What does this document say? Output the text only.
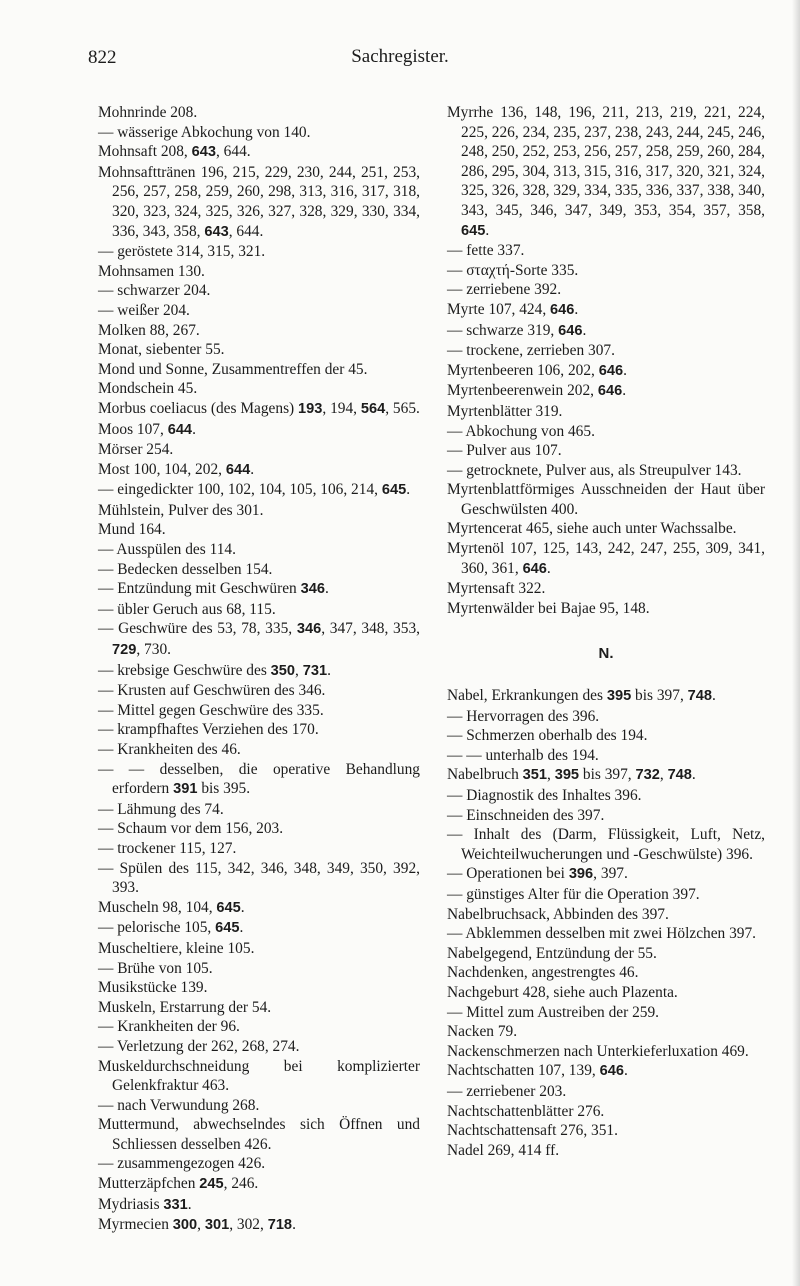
822	Sachregister.

Mohnrinde 208.

— wässerige Abkochung von 140.

Mohnsaft 208, 643, 644.

Mohnsafttränen 196, 215, 229, 230, 244, 251, 253, 256, 257, 258, 259, 260, 298, 313, 316, 317, 318, 320, 323, 324, 325, 326, 327, 328, 329, 330, 334, 336, 343, 358, 643, 644.

— geröstete 314, 315, 321.

Mohnsamen 130.

— schwarzer 204.

— weißer 204.

Molken 88, 267.

Monat, siebenter 55.

Mond und Sonne, Zusammentreffen der 45.

Mondschein 45.

Morbus coeliacus (des Magens) 193, 194, 564, 565.

Moos 107, 644.

Mörser 254.

Most 100, 104, 202, 644.

— eingedickter 100, 102, 104, 105, 106, 214, 645.

Mühlstein, Pulver des 301.

Mund 164.

— Ausspülen des 114.

— Bedecken desselben 154.

— Entzündung mit Geschwüren 346.

— übler Geruch aus 68, 115.

— Geschwüre des 53, 78, 335, 346, 347, 348, 353, 729, 730.

— krebsige Geschwüre des 350, 731.

— Krusten auf Geschwüren des 346.

— Mittel gegen Geschwüre des 335.

— krampfhaftes Verziehen des 170.

— Krankheiten des 46.

— — desselben, die operative Behandlung erfordern 391 bis 395.

— Lähmung des 74.

— Schaum vor dem 156, 203.

— trockener 115, 127.

— Spülen des 115, 342, 346, 348, 349, 350, 392, 393.

Muscheln 98, 104, 645.

— pelorische 105, 645.

Muscheltiere, kleine 105.

— Brühe von 105.

Musikstücke 139.

Muskeln, Erstarrung der 54.

— Krankheiten der 96.

— Verletzung der 262, 268, 274.

Muskeldurchschneidung bei komplizierter Gelenkfraktur 463.

— nach Verwundung 268.

Muttermund, abwechselndes sich Öffnen und Schliessen desselben 426.

— zusammengezogen 426.

Mutterzäpfchen 245, 246.

Mydriasis 331.

Myrmecien 300, 301, 302, 718.

Myrrhe 136, 148, 196, 211, 213, 219, 221, 224, 225, 226, 234, 235, 237, 238, 243, 244, 245, 246, 248, 250, 252, 253, 256, 257, 258, 259, 260, 284, 286, 295, 304, 313, 315, 316, 317, 320, 321, 324, 325, 326, 328, 329, 334, 335, 336, 337, 338, 340, 343, 345, 346, 347, 349, 353, 354, 357, 358, 645.

— fette 337.

— σταχτή-Sorte 335.

— zerriebene 392.

Myrte 107, 424, 646.

— schwarze 319, 646.

— trockene, zerrieben 307.

Myrtenbeeren 106, 202, 646.

Myrtenbeerenwein 202, 646.

Myrtenblätter 319.

— Abkochung von 465.

— Pulver aus 107.

— getrocknete, Pulver aus, als Streupulver 143.

Myrtenblattförmiges Ausschneiden der Haut über Geschwülsten 400.

Myrtencerat 465, siehe auch unter Wachssalbe.

Myrtenöl 107, 125, 143, 242, 247, 255, 309, 341, 360, 361, 646.

Myrtensaft 322.

Myrtenwälder bei Bajae 95, 148.

N.

Nabel, Erkrankungen des 395 bis 397, 748.

— Hervorragen des 396.

— Schmerzen oberhalb des 194.

— — unterhalb des 194.

Nabelbruch 351, 395 bis 397, 732, 748.

— Diagnostik des Inhaltes 396.

— Einschneiden des 397.

— Inhalt des (Darm, Flüssigkeit, Luft, Netz, Weichteilwucherungen und -Geschwülste) 396.

— Operationen bei 396, 397.

— günstiges Alter für die Operation 397.

Nabelbruchsack, Abbinden des 397.

— Abklemmen desselben mit zwei Hölzchen 397.

Nabelgegend, Entzündung der 55.

Nachdenken, angestrengtes 46.

Nachgeburt 428, siehe auch Plazenta.

— Mittel zum Austreiben der 259.

Nacken 79.

Nackenschmerzen nach Unterkieferluxation 469.

Nachtschatten 107, 139, 646.

— zerriebener 203.

Nachtschattenblätter 276.

Nachtschattensaft 276, 351.

Nadel 269, 414 ff.
